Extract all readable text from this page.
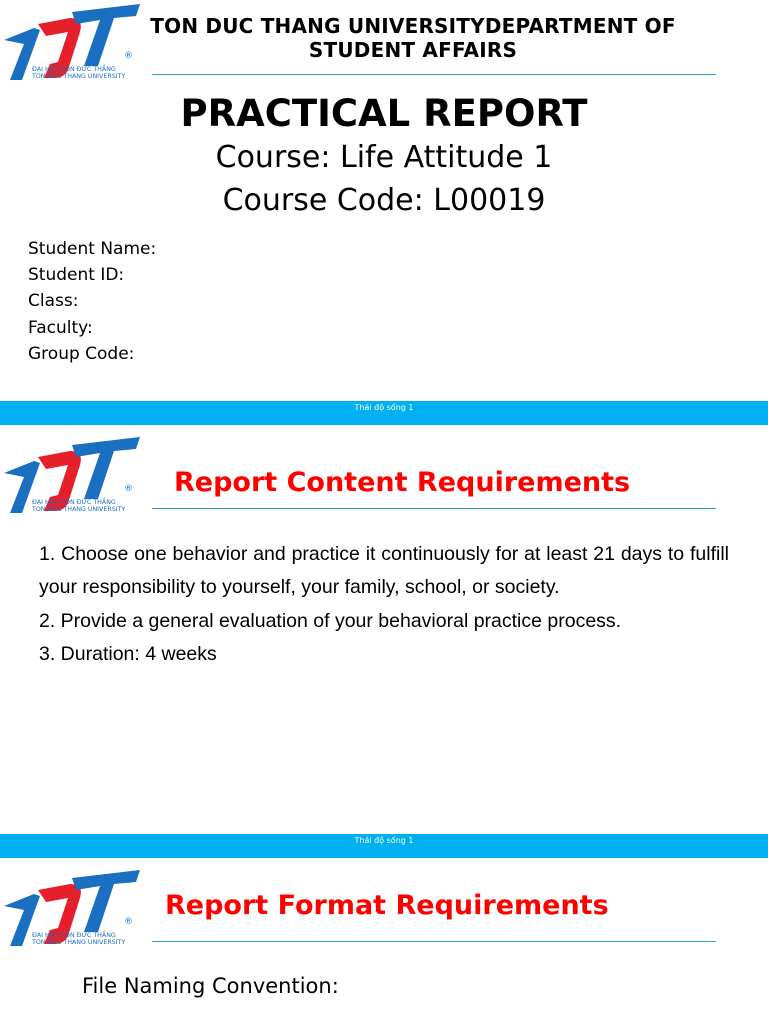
®
ĐẠI HỌC TÔN ĐỨC THẮNG
TON DUC THANG UNIVERSITY
TON DUC THANG UNIVERSITYDEPARTMENT OF
STUDENT AFFAIRS
PRACTICAL REPORT
Course: Life Attitude 1
Course Code: L00019
Student Name:
Student ID:
Class:
Faculty:
Group Code:
Thái độ sống 1
®
ĐẠI HỌC TÔN ĐỨC THẮNG
TON DUC THANG UNIVERSITY
Report Content Requirements

1. Choose one behavior and practice it continuously for at least 21 days to fulfill your responsibility to yourself, your family, school, or society.

2. Provide a general evaluation of your behavioral practice process.

3. Duration: 4 weeks

Thái độ sống 1
®
ĐẠI HỌC TÔN ĐỨC THẮNG
TON DUC THANG UNIVERSITY
Report Format Requirements
File Naming Convention:
